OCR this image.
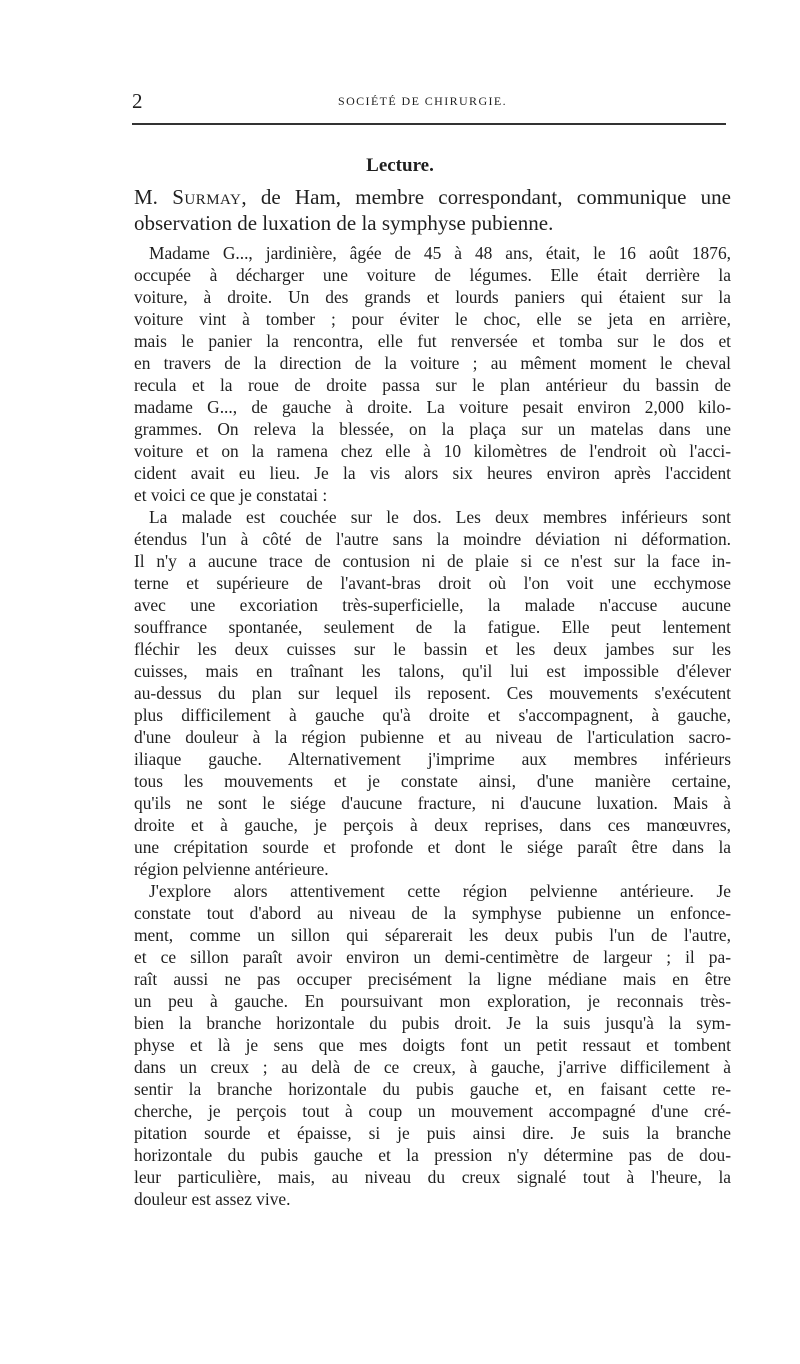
2	SOCIÉTÉ DE CHIRURGIE.
Lecture.
M. Surmay, de Ham, membre correspondant, communique une
observation de luxation de la symphyse pubienne.
Madame G..., jardinière, âgée de 45 à 48 ans, était, le 16 août 1876,
occupée à décharger une voiture de légumes. Elle était derrière la
voiture, à droite. Un des grands et lourds paniers qui étaient sur la
voiture vint à tomber ; pour éviter le choc, elle se jeta en arrière,
mais le panier la rencontra, elle fut renversée et tomba sur le dos et
en travers de la direction de la voiture ; au mêment moment le cheval
recula et la roue de droite passa sur le plan antérieur du bassin de
madame G..., de gauche à droite. La voiture pesait environ 2,000 kilo-
grammes. On releva la blessée, on la plaça sur un matelas dans une
voiture et on la ramena chez elle à 10 kilomètres de l'endroit où l'acci-
cident avait eu lieu. Je la vis alors six heures environ après l'accident
et voici ce que je constatai :
La malade est couchée sur le dos. Les deux membres inférieurs sont
étendus l'un à côté de l'autre sans la moindre déviation ni déformation.
Il n'y a aucune trace de contusion ni de plaie si ce n'est sur la face in-
terne et supérieure de l'avant-bras droit où l'on voit une ecchymose
avec une excoriation très-superficielle, la malade n'accuse aucune
souffrance spontanée, seulement de la fatigue. Elle peut lentement
fléchir les deux cuisses sur le bassin et les deux jambes sur les
cuisses, mais en traînant les talons, qu'il lui est impossible d'élever
au-dessus du plan sur lequel ils reposent. Ces mouvements s'exécutent
plus difficilement à gauche qu'à droite et s'accompagnent, à gauche,
d'une douleur à la région pubienne et au niveau de l'articulation sacro-
iliaque gauche. Alternativement j'imprime aux membres inférieurs
tous les mouvements et je constate ainsi, d'une manière certaine,
qu'ils ne sont le siége d'aucune fracture, ni d'aucune luxation. Mais à
droite et à gauche, je perçois à deux reprises, dans ces manœuvres,
une crépitation sourde et profonde et dont le siége paraît être dans la
région pelvienne antérieure.
J'explore alors attentivement cette région pelvienne antérieure. Je
constate tout d'abord au niveau de la symphyse pubienne un enfonce-
ment, comme un sillon qui séparerait les deux pubis l'un de l'autre,
et ce sillon paraît avoir environ un demi-centimètre de largeur ; il pa-
raît aussi ne pas occuper precisément la ligne médiane mais en être
un peu à gauche. En poursuivant mon exploration, je reconnais très-
bien la branche horizontale du pubis droit. Je la suis jusqu'à la sym-
physe et là je sens que mes doigts font un petit ressaut et tombent
dans un creux ; au delà de ce creux, à gauche, j'arrive difficilement à
sentir la branche horizontale du pubis gauche et, en faisant cette re-
cherche, je perçois tout à coup un mouvement accompagné d'une cré-
pitation sourde et épaisse, si je puis ainsi dire. Je suis la branche
horizontale du pubis gauche et la pression n'y détermine pas de dou-
leur particulière, mais, au niveau du creux signalé tout à l'heure, la
douleur est assez vive.
